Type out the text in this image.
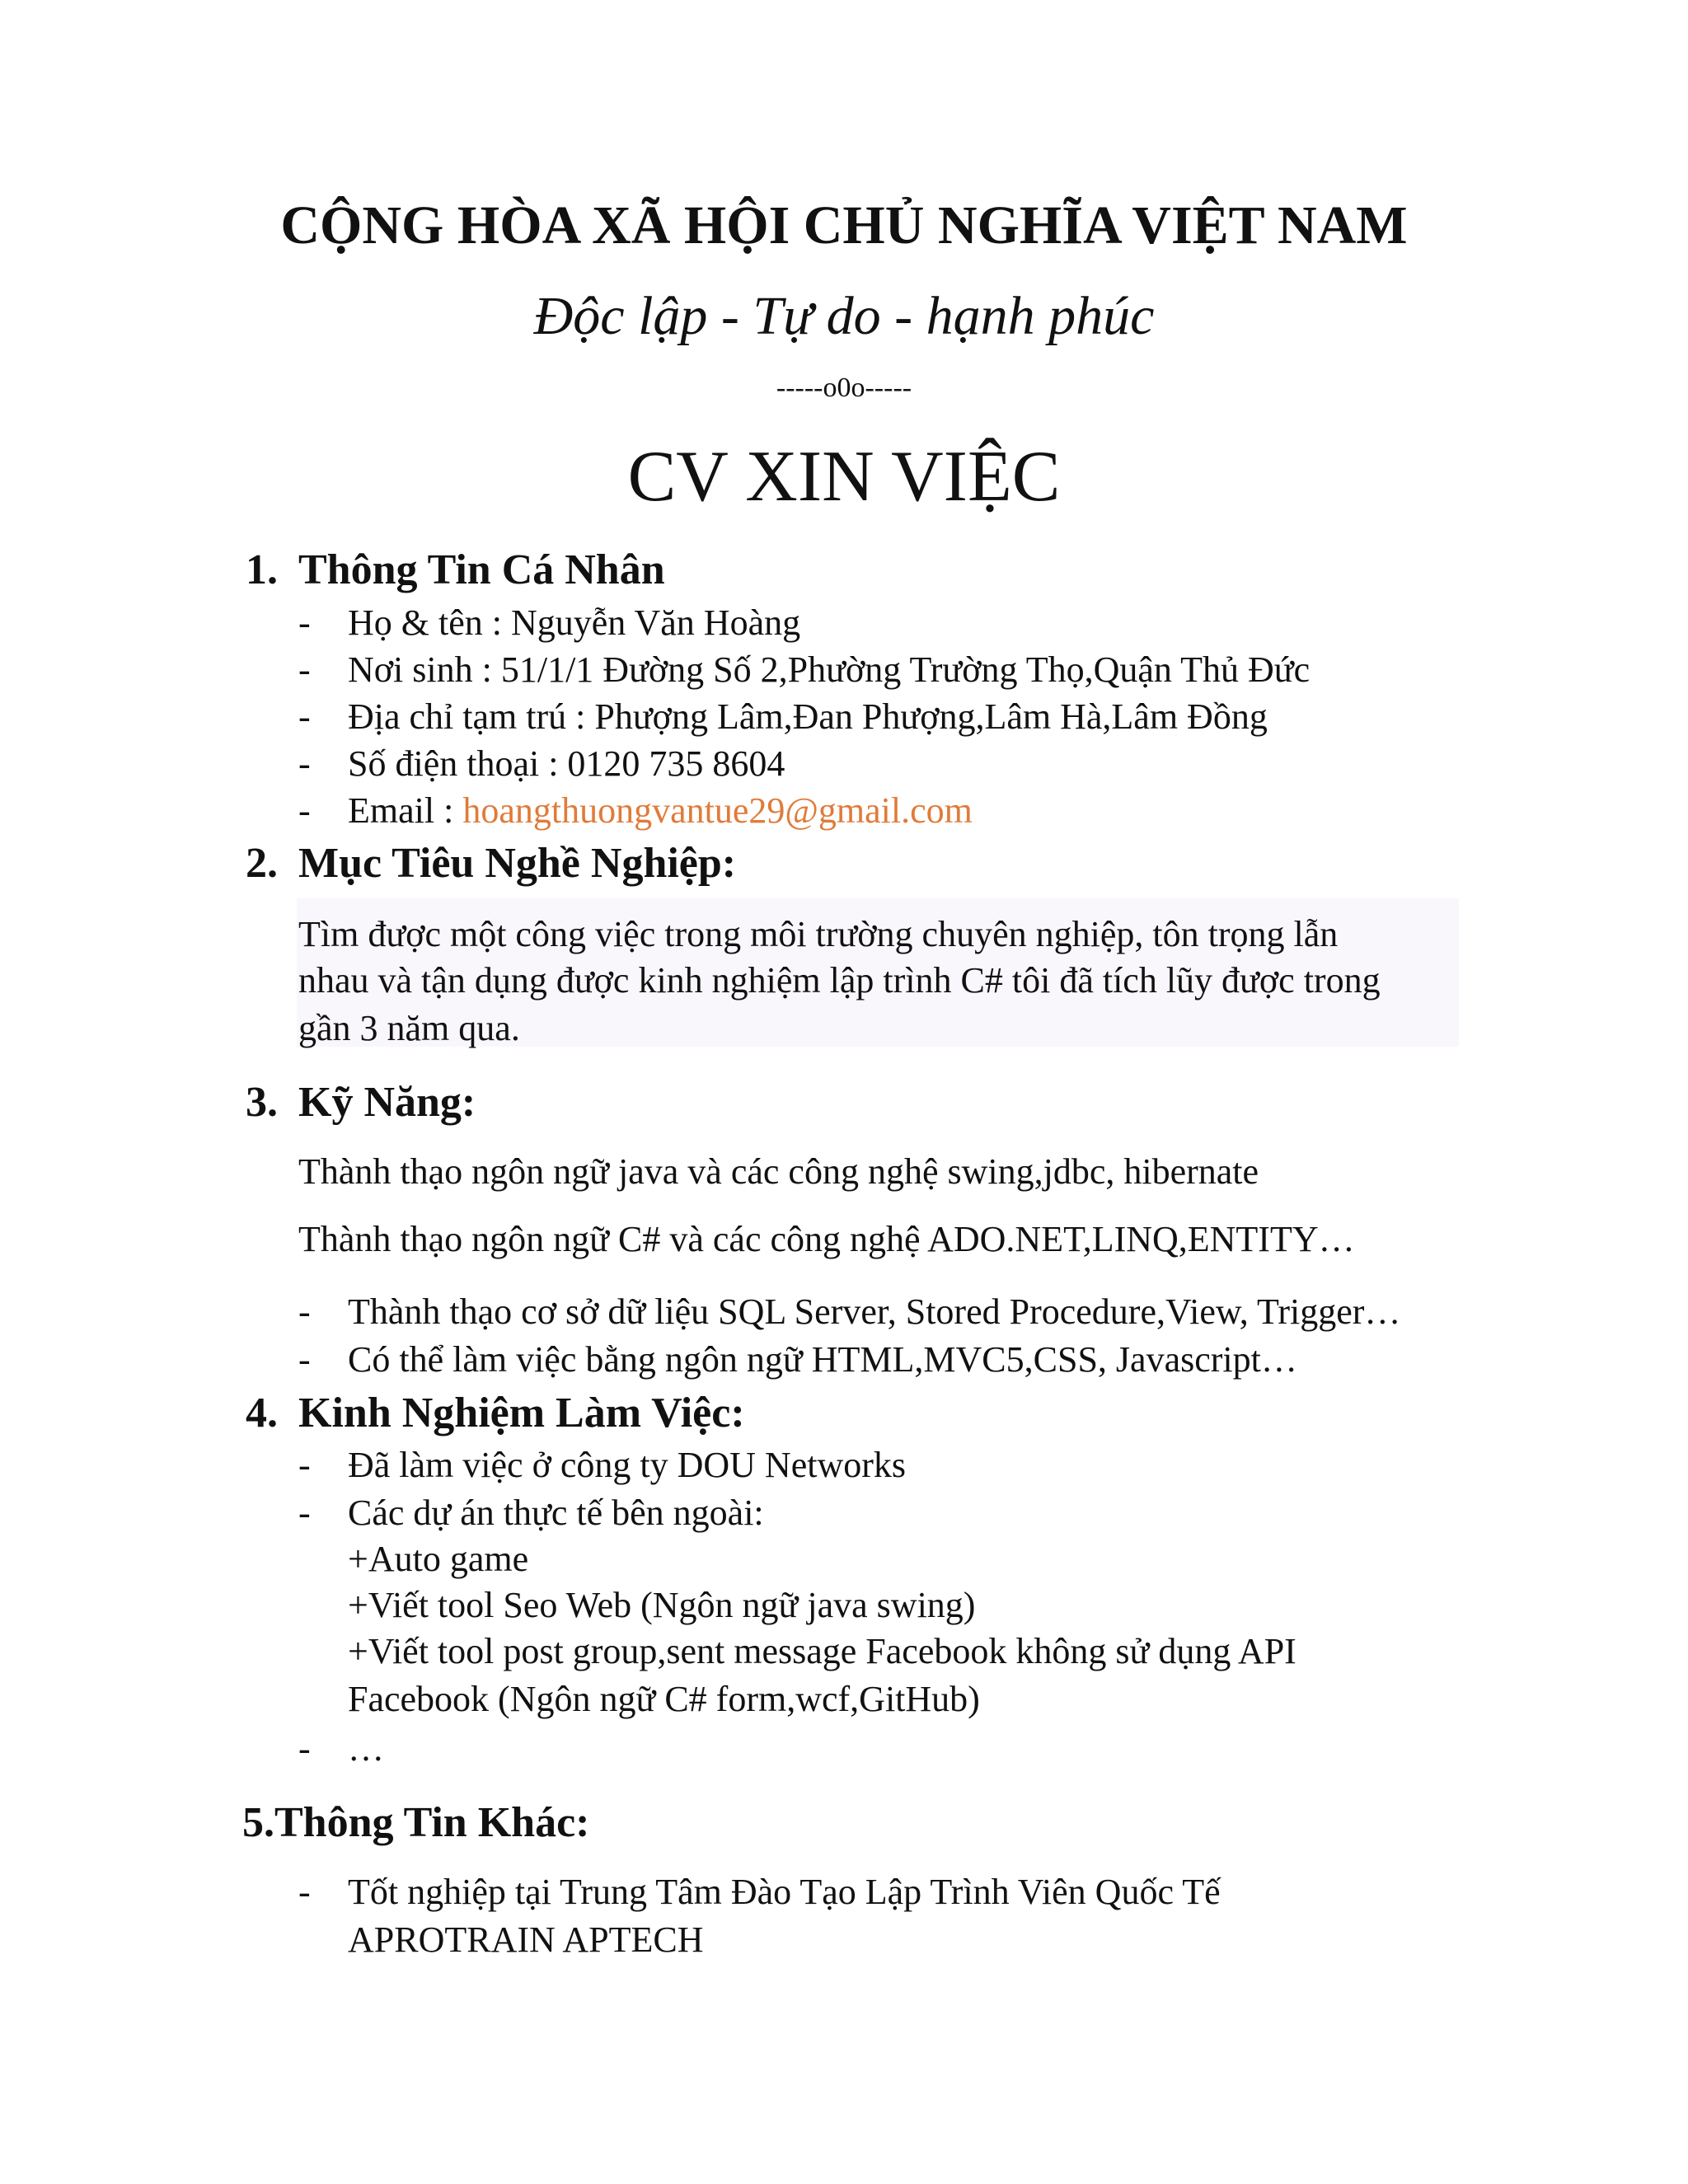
CỘNG HÒA XÃ HỘI CHỦ NGHĨA VIỆT NAM
Độc lập - Tự do - hạnh phúc
-----o0o-----
CV XIN VIỆC
1. Thông Tin Cá Nhân
- Họ & tên : Nguyễn Văn Hoàng
- Nơi sinh : 51/1/1 Đường Số 2,Phường Trường Thọ,Quận Thủ Đức
- Địa chỉ tạm trú : Phượng Lâm,Đan Phượng,Lâm Hà,Lâm Đồng
- Số điện thoại : 0120 735 8604
- Email : hoangthuongvantue29@gmail.com
2. Mục Tiêu Nghề Nghiệp:
Tìm được một công việc trong môi trường chuyên nghiệp, tôn trọng lẫn
nhau và tận dụng được kinh nghiệm lập trình C# tôi đã tích lũy được trong
gần 3 năm qua.
3. Kỹ Năng:
Thành thạo ngôn ngữ java và các công nghệ swing,jdbc, hibernate
Thành thạo ngôn ngữ C# và các công nghệ ADO.NET,LINQ,ENTITY…
- Thành thạo cơ sở dữ liệu SQL Server, Stored Procedure,View, Trigger…
- Có thể làm việc bằng ngôn ngữ HTML,MVC5,CSS, Javascript…
4. Kinh Nghiệm Làm Việc:
- Đã làm việc ở công ty DOU Networks
- Các dự án thực tế bên ngoài:
+Auto game
+Viết tool Seo Web (Ngôn ngữ java swing)
+Viết tool post group,sent message Facebook không sử dụng API
Facebook (Ngôn ngữ C# form,wcf,GitHub)
- …
5.Thông Tin Khác:
- Tốt nghiệp tại Trung Tâm Đào Tạo Lập Trình Viên Quốc Tế
APROTRAIN APTECH
